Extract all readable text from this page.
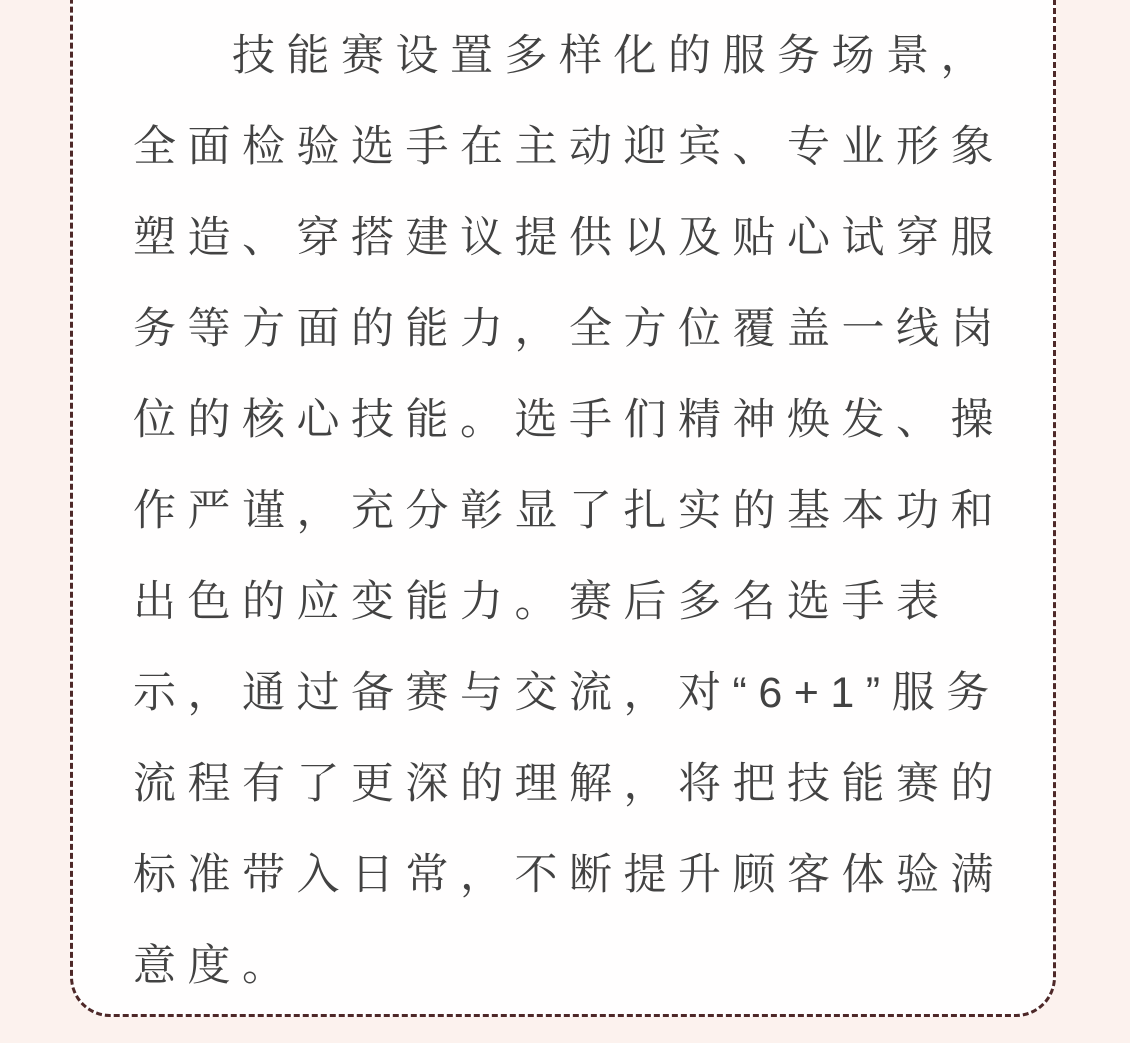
技能赛设置多样化的服务场景，
全面检验选手在主动迎宾、专业形象
塑造、穿搭建议提供以及贴心试穿服
务等方面的能力，全方位覆盖一线岗
位的核心技能。选手们精神焕发、操
作严谨，充分彰显了扎实的基本功和
出色的应变能力。赛后多名选手表
示，通过备赛与交流，对“6+1”服务
流程有了更深的理解，将把技能赛的
标准带入日常，不断提升顾客体验满
意度。
